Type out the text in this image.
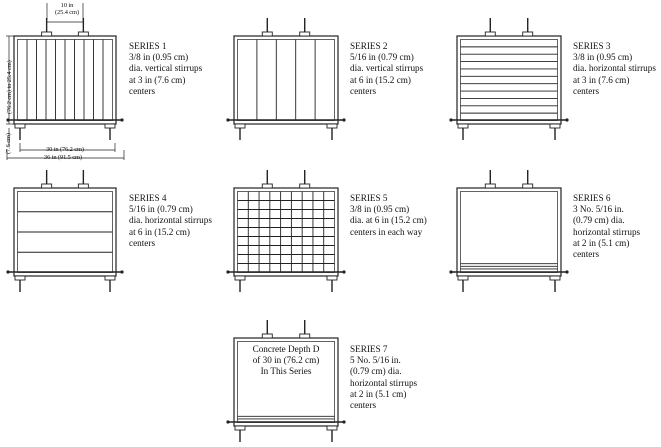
10 in
(25.4 cm)
(76.2 cm) to 25.4 cm)
(7.6 cm)	30 in (76.2 cm)
36 in (91.5 cm)
SERIES 1
3/8 in (0.95 cm)
dia. vertical stirrups
at 3 in (7.6 cm)
centers
SERIES 2
5/16 in (0.79 cm)
dia. vertical stirrups
at 6 in (15.2 cm)
centers
SERIES 3
3/8 in (0.95 cm)
dia. horizontal stirrups
at 3 in (7.6 cm)
centers
SERIES 4
5/16 in (0.79 cm)
dia. horizontal stirrups
at 6 in (15.2 cm)
centers
SERIES 5
3/8 in (0.95 cm)
dia. at 6 in (15.2 cm)
centers in each way
SERIES 6
3 No. 5/16 in.
(0.79 cm) dia.
horizontal stirrups
at 2 in (5.1 cm)
centers
SERIES 7
5 No. 5/16 in.
(0.79 cm) dia.
horizontal stirrups
at 2 in (5.1 cm)
centers
Concrete Depth D
of 30 in (76.2 cm)
In This Series
